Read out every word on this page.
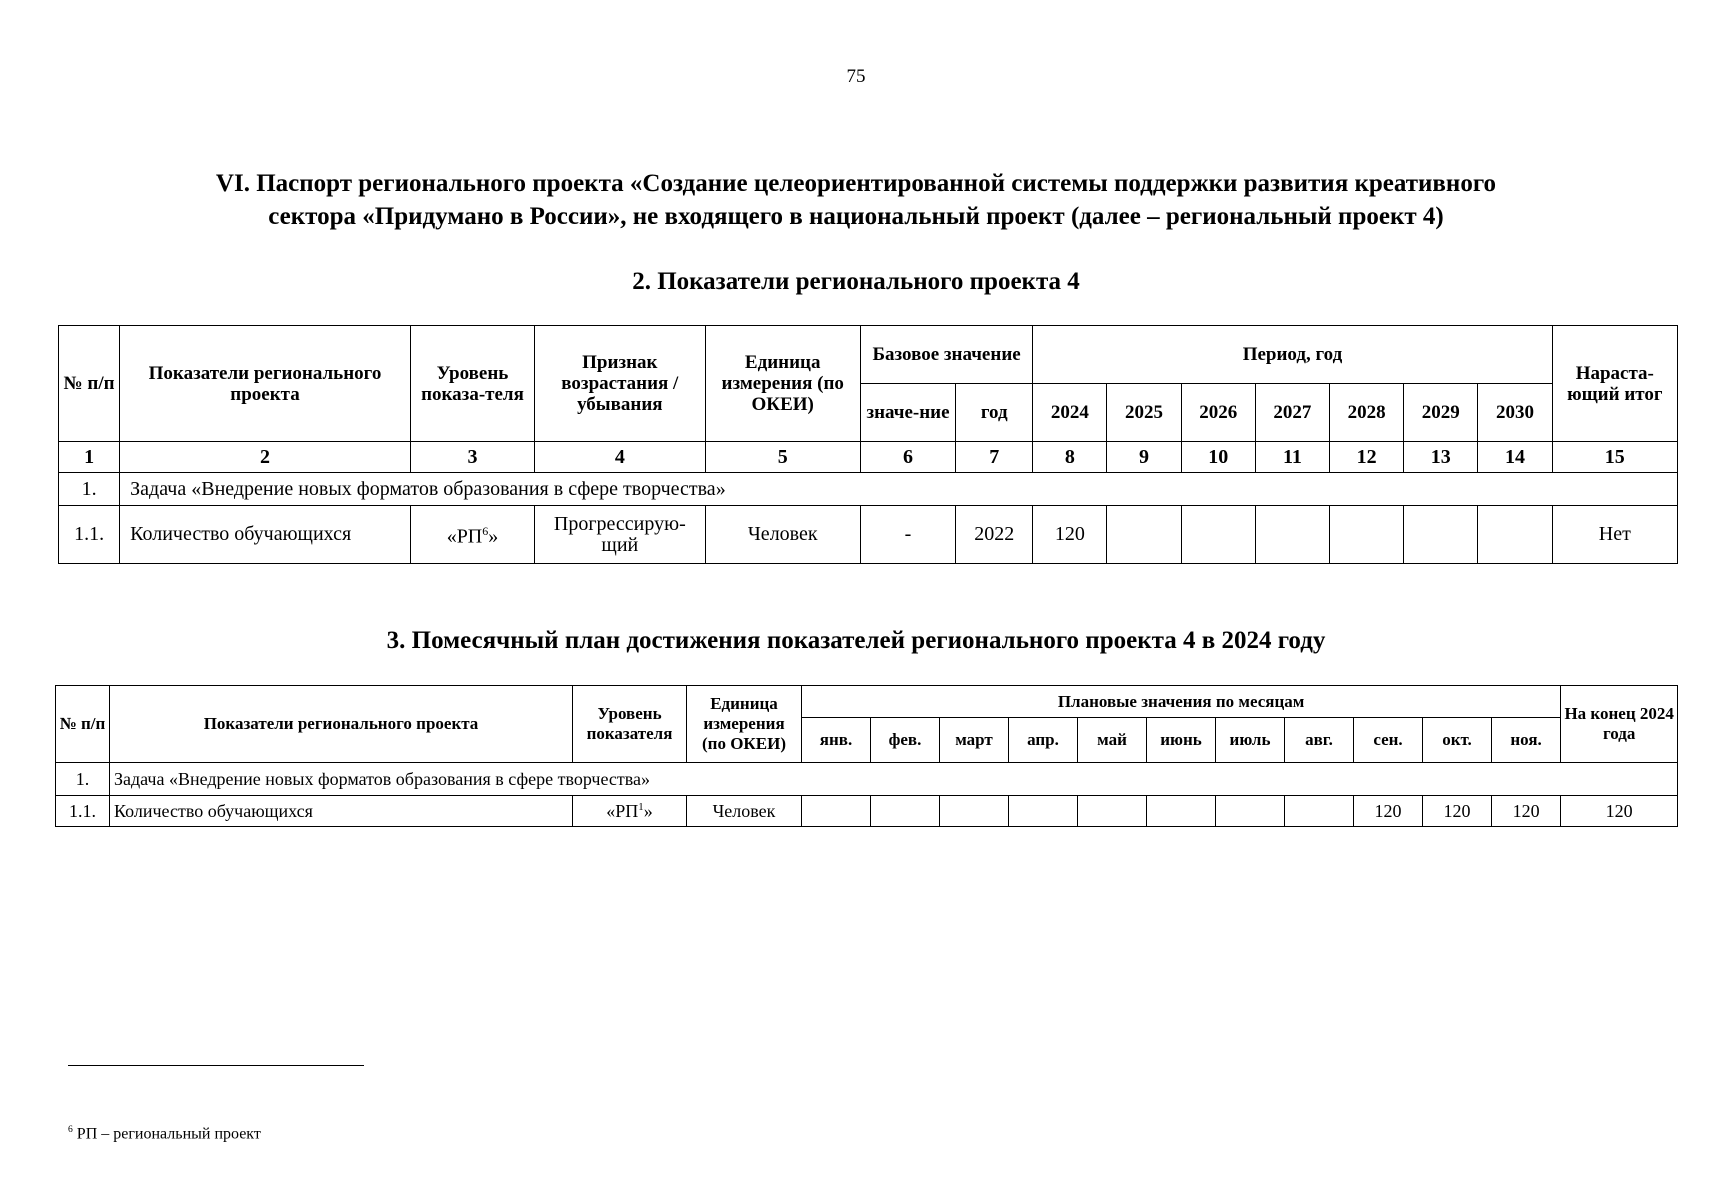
75
VI. Паспорт регионального проекта «Создание целеориентированной системы поддержки развития креативного
сектора «Придумано в России», не входящего в национальный проект (далее – региональный проект 4)
2. Показатели регионального проекта 4
№ п/п	Показатели регионального проекта	Уровень показа-теля	Признак возрастания / убывания	Единица измерения (по ОКЕИ)	Базовое значение		Период, год							Нараста-ющий итог
					значе-ние	год	2024	2025	2026	2027	2028	2029	2030	
1	2	3	4	5	6	7	8	9	10	11	12	13	14	15
1.	Задача «Внедрение новых форматов образования в сфере творчества»													
1.1.	Количество обучающихся	«$РП^6$»	Прогрессирую-щий	Человек	-	2022	120							Нет
3. Помесячный план достижения показателей регионального проекта 4 в 2024 году
№ п/п	Показатели регионального проекта	Уровень показателя	Единица измерения (по ОКЕИ)	Плановые значения по месяцам											На конец 2024 года
				янв.	фев.	март	апр.	май	июнь	июль	авг.	сен.	окт.	ноя.	
1.	Задача «Внедрение новых форматов образования в сфере творчества»														
1.1.	Количество обучающихся	«$РП^1$»	Человек									120	120	120	120
$^6$ РП – региональный проект
